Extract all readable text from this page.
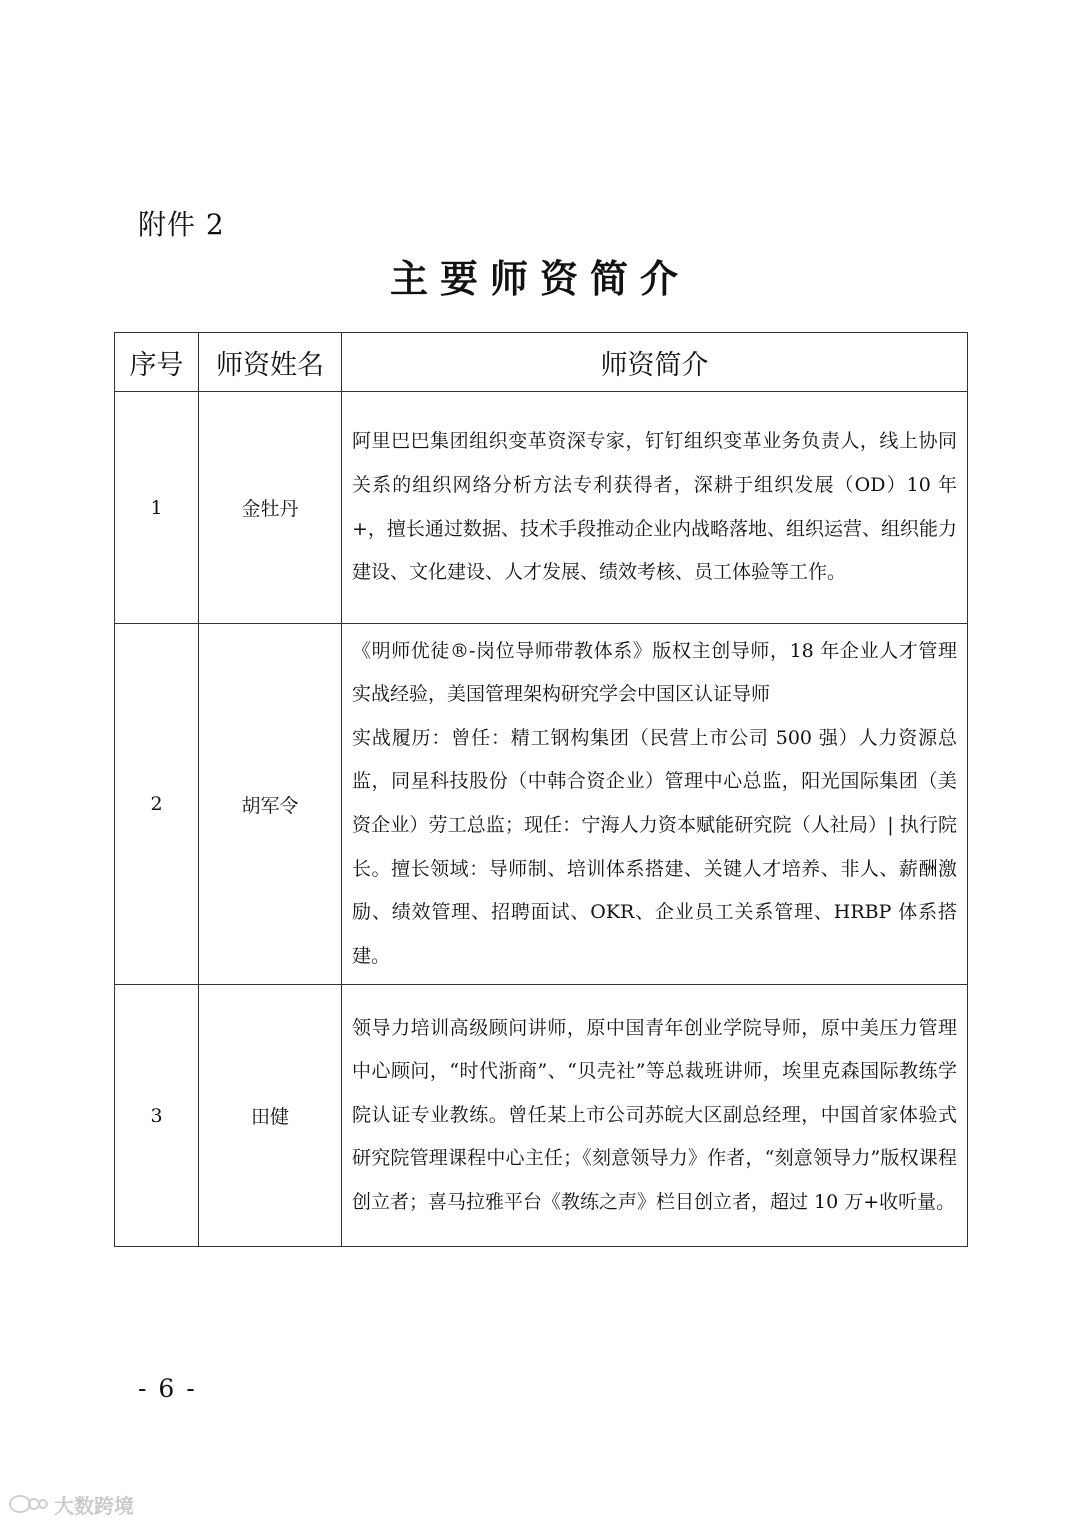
附件 2
主要师资简介
序号	师资姓名	师资简介
1	金牡丹	阿里巴巴集团组织变革资深专家，钉钉组织变革业务负责人，线上协同关系的组织网络分析方法专利获得者，深耕于组织发展（OD）10 年+，擅长通过数据、技术手段推动企业内战略落地、组织运营、组织能力建设、文化建设、人才发展、绩效考核、员工体验等工作。

2	胡军令	《明师优徒®-岗位导师带教体系》版权主创导师，18 年企业人才管理实战经验，美国管理架构研究学会中国区认证导师

实战履历：曾任：精工钢构集团（民营上市公司 500 强）人力资源总监，同星科技股份（中韩合资企业）管理中心总监，阳光国际集团（美资企业）劳工总监；现任：宁海人力资本赋能研究院（人社局）| 执行院长。擅长领域：导师制、培训体系搭建、关键人才培养、非人、薪酬激励、绩效管理、招聘面试、OKR、企业员工关系管理、HRBP 体系搭建。

3	田健	领导力培训高级顾问讲师，原中国青年创业学院导师，原中美压力管理中心顾问，“时代浙商”、“贝壳社”等总裁班讲师，埃里克森国际教练学院认证专业教练。曾任某上市公司苏皖大区副总经理，中国首家体验式研究院管理课程中心主任；《刻意领导力》作者，“刻意领导力”版权课程创立者；喜马拉雅平台《教练之声》栏目创立者，超过 10 万+收听量。

- 6 -
大数跨境
